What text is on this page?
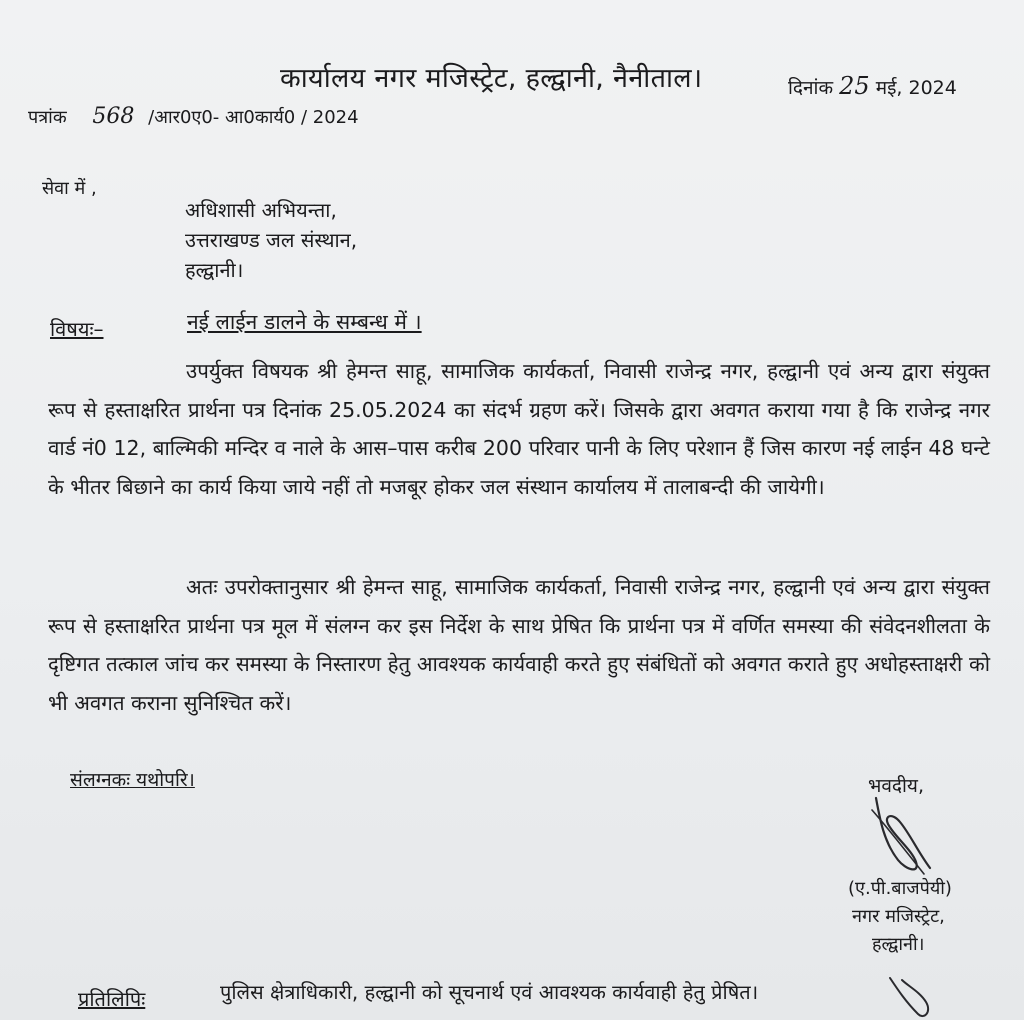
कार्यालय नगर मजिस्ट्रेट, हल्द्वानी, नैनीताल।	दिनांक 25 मई, 2024
पत्रांक 568 /आर0ए0- आ0कार्य0 / 2024
सेवा में ,
अधिशासी अभियन्ता,
उत्तराखण्ड जल संस्थान,
हल्द्वानी।
विषयः–	नई लाईन डालने के सम्बन्ध में ।
उपर्युक्त विषयक श्री हेमन्त साहू, सामाजिक कार्यकर्ता, निवासी राजेन्द्र नगर, हल्द्वानी एवं अन्य द्वारा संयुक्त रूप से हस्ताक्षरित प्रार्थना पत्र दिनांक 25.05.2024 का संदर्भ ग्रहण करें। जिसके द्वारा अवगत कराया गया है कि राजेन्द्र नगर वार्ड नं0 12, बाल्मिकी मन्दिर व नाले के आस–पास करीब 200 परिवार पानी के लिए परेशान हैं जिस कारण नई लाईन 48 घन्टे के भीतर बिछाने का कार्य किया जाये नहीं तो मजबूर होकर जल संस्थान कार्यालय में तालाबन्दी की जायेगी।
अतः उपरोक्तानुसार श्री हेमन्त साहू, सामाजिक कार्यकर्ता, निवासी राजेन्द्र नगर, हल्द्वानी एवं अन्य द्वारा संयुक्त रूप से हस्ताक्षरित प्रार्थना पत्र मूल में संलग्न कर इस निर्देश के साथ प्रेषित कि प्रार्थना पत्र में वर्णित समस्या की संवेदनशीलता के दृष्टिगत तत्काल जांच कर समस्या के निस्तारण हेतु आवश्यक कार्यवाही करते हुए संबंधितों को अवगत कराते हुए अधोहस्ताक्षरी को भी अवगत कराना सुनिश्चित करें।
संलग्नकः यथोपरि।	भवदीय,
(ए.पी.बाजपेयी)
नगर मजिस्ट्रेट,
हल्द्वानी।
प्रतिलिपिः	पुलिस क्षेत्राधिकारी, हल्द्वानी को सूचनार्थ एवं आवश्यक कार्यवाही हेतु प्रेषित।
